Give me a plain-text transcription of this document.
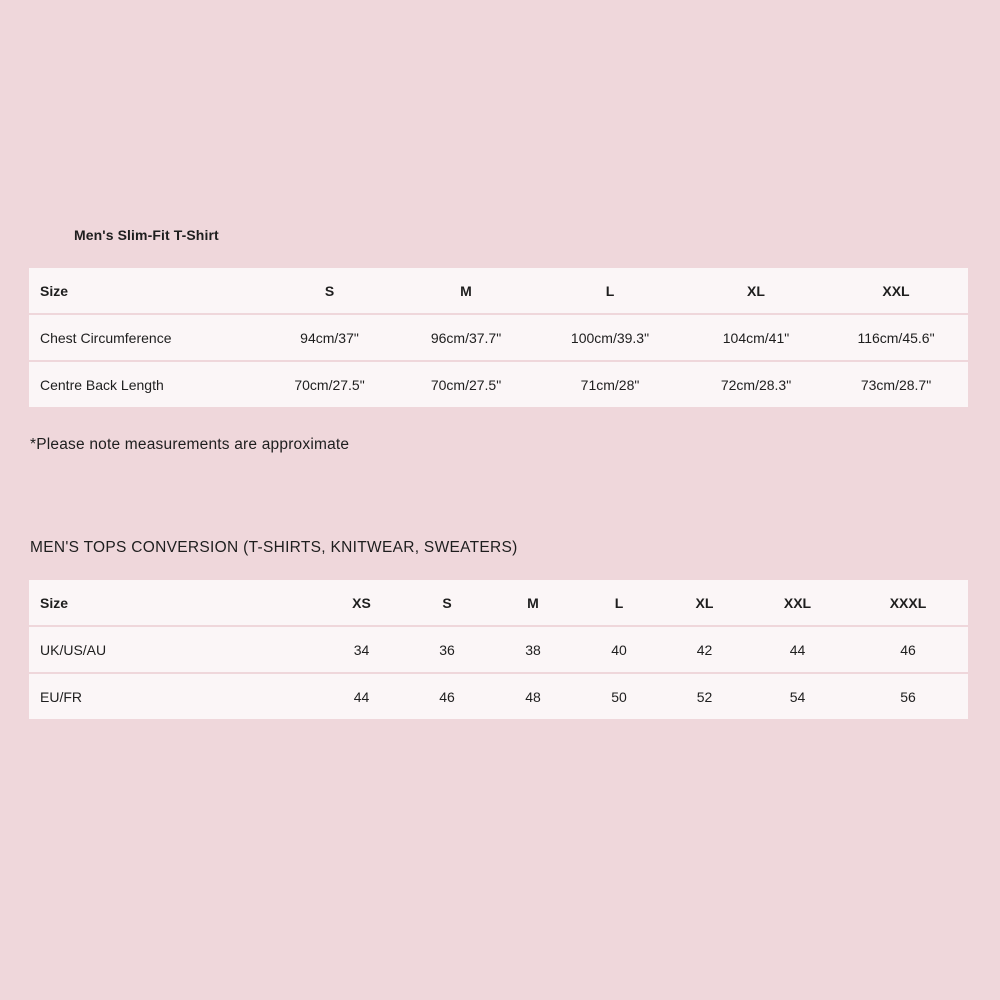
Men's Slim-Fit T-Shirt
Size	S	M	L	XL	XXL
Chest Circumference	94cm/37"	96cm/37.7"	100cm/39.3"	104cm/41"	116cm/45.6"
Centre Back Length	70cm/27.5"	70cm/27.5"	71cm/28"	72cm/28.3"	73cm/28.7"
*Please note measurements are approximate
MEN'S TOPS CONVERSION (T-SHIRTS, KNITWEAR, SWEATERS)
Size	XS	S	M	L	XL	XXL	XXXL
UK/US/AU	34	36	38	40	42	44	46
EU/FR	44	46	48	50	52	54	56
